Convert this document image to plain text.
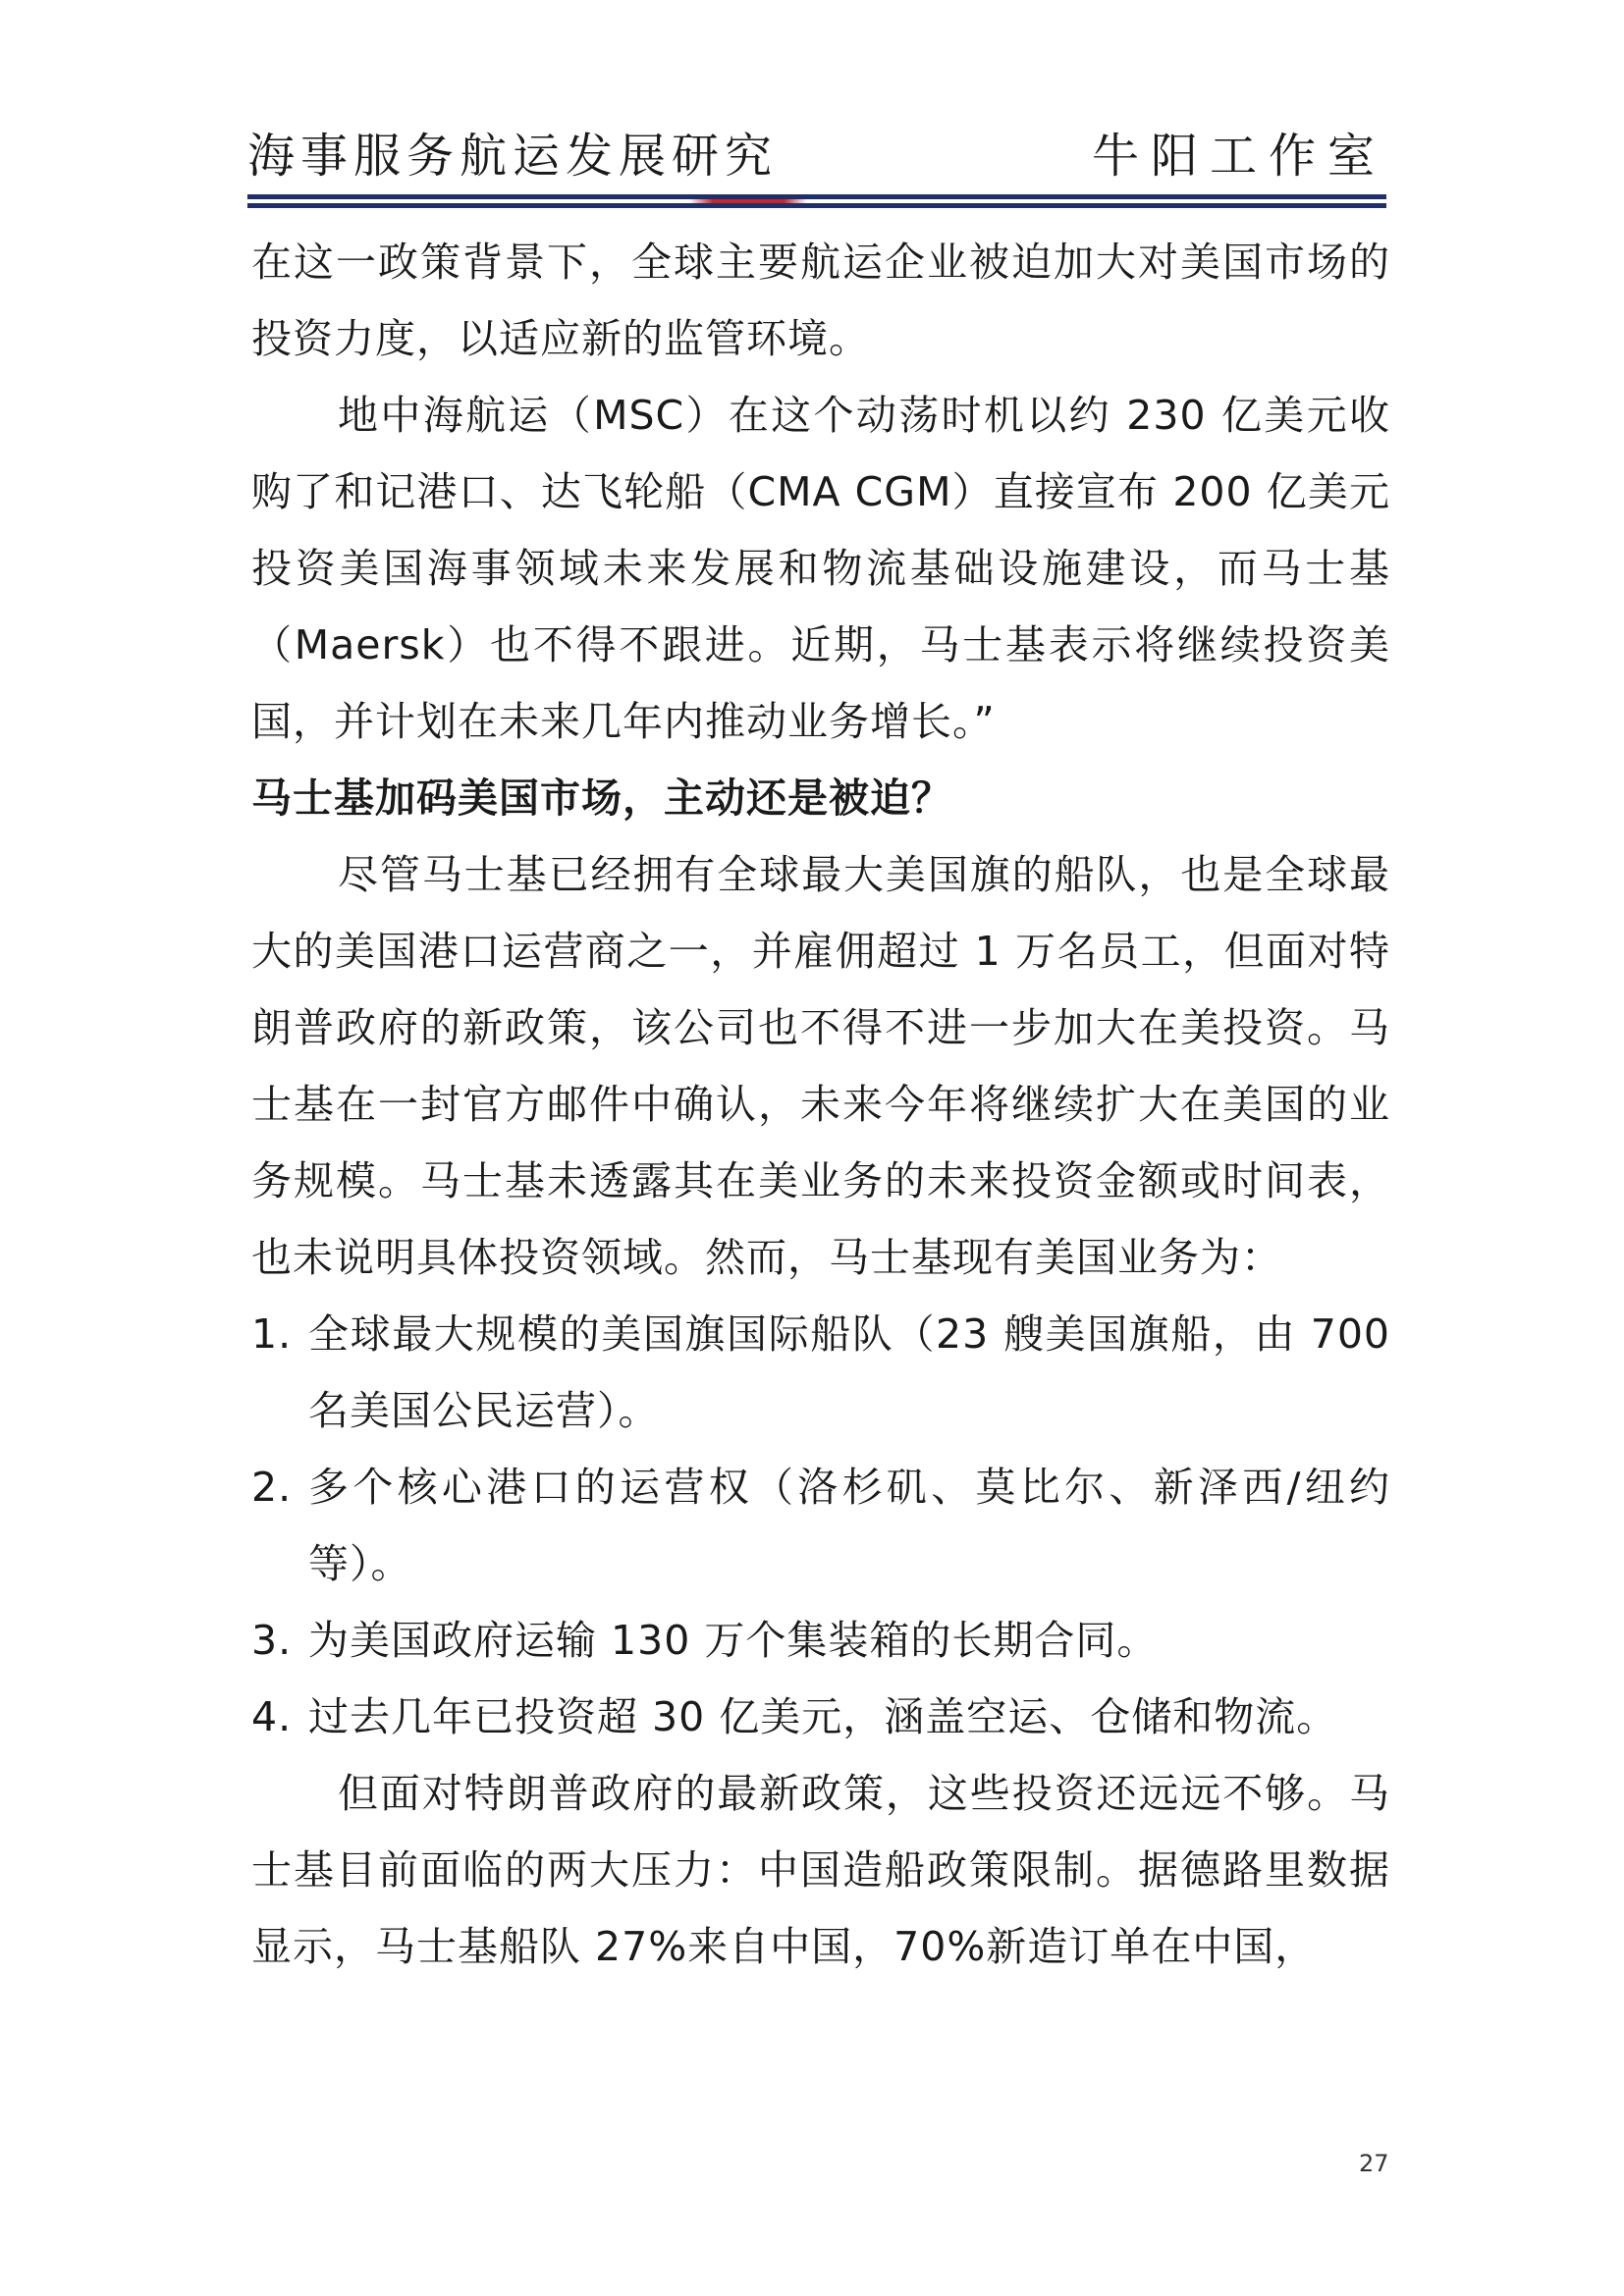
海事服务航运发展研究	牛阳工作室

在这一政策背景下，全球主要航运企业被迫加大对美国市场的投资力度，以适应新的监管环境。

地中海航运（MSC）在这个动荡时机以约 230 亿美元收购了和记港口、达飞轮船（CMA CGM）直接宣布 200 亿美元投资美国海事领域未来发展和物流基础设施建设，而马士基（Maersk）也不得不跟进。近期，马士基表示将继续投资美国，并计划在未来几年内推动业务增长。”

马士基加码美国市场，主动还是被迫？

尽管马士基已经拥有全球最大美国旗的船队，也是全球最大的美国港口运营商之一，并雇佣超过 1 万名员工，但面对特朗普政府的新政策，该公司也不得不进一步加大在美投资。马士基在一封官方邮件中确认，未来今年将继续扩大在美国的业务规模。马士基未透露其在美业务的未来投资金额或时间表，也未说明具体投资领域。然而，马士基现有美国业务为：

1. 全球最大规模的美国旗国际船队（23 艘美国旗船，由 700 名美国公民运营）。
2. 多个核心港口的运营权（洛杉矶、莫比尔、新泽西/纽约等）。
3. 为美国政府运输 130 万个集装箱的长期合同。
4. 过去几年已投资超 30 亿美元，涵盖空运、仓储和物流。

但面对特朗普政府的最新政策，这些投资还远远不够。马士基目前面临的两大压力：中国造船政策限制。据德路里数据显示，马士基船队 27%来自中国，70%新造订单在中国，

27
